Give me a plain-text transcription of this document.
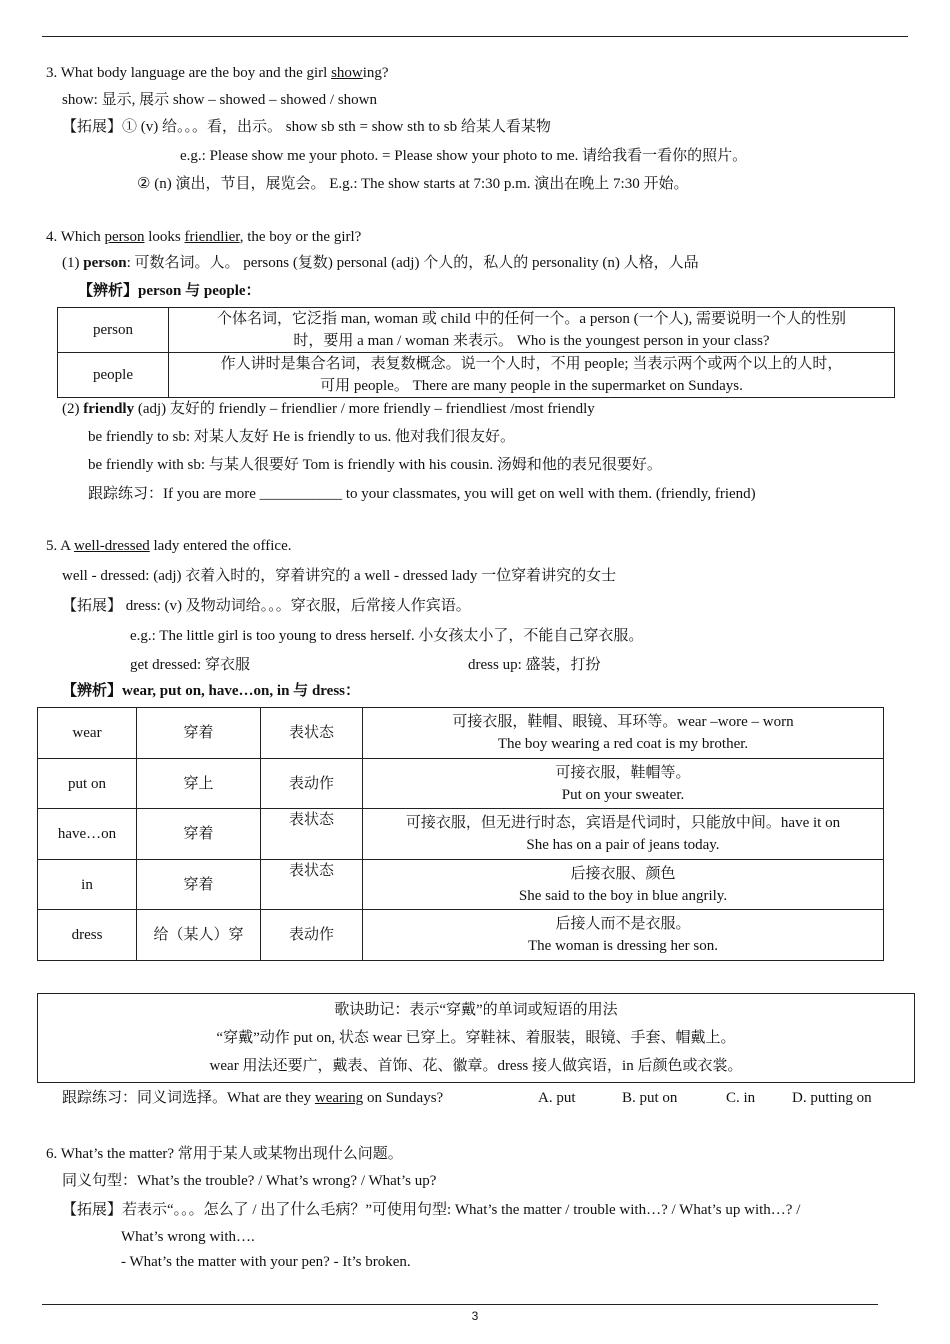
3. What body language are the boy and the girl showing?
show: 显示, 展示 show – showed – showed / shown
【拓展】① (v) 给。。。看，出示。 show sb sth = show sth to sb 给某人看某物
e.g.: Please show me your photo. = Please show your photo to me. 请给我看一看你的照片。
② (n) 演出，节目，展览会。 E.g.: The show starts at 7:30 p.m. 演出在晚上 7:30 开始。
4. Which person looks friendlier, the boy or the girl?
(1) person: 可数名词。人。 persons (复数) personal (adj) 个人的，私人的 personality (n) 人格，人品
【辨析】person 与 people：
person	个体名词，它泛指 man, woman 或 child 中的任何一个。a person (一个人), 需要说明一个人的性别
时，要用 a man / woman 来表示。 Who is the youngest person in your class?

people	作人讲时是集合名词，表复数概念。说一个人时，不用 people; 当表示两个或两个以上的人时，
可用 people。 There are many people in the supermarket on Sundays.
(2) friendly (adj) 友好的 friendly – friendlier / more friendly – friendliest /most friendly
be friendly to sb: 对某人友好 He is friendly to us. 他对我们很友好。
be friendly with sb: 与某人很要好 Tom is friendly with his cousin. 汤姆和他的表兄很要好。
跟踪练习：If you are more ___________ to your classmates, you will get on well with them. (friendly, friend)
5. A well-dressed lady entered the office.
well - dressed: (adj) 衣着入时的，穿着讲究的 a well - dressed lady 一位穿着讲究的女士
【拓展】 dress: (v) 及物动词给。。。穿衣服，后常接人作宾语。
e.g.: The little girl is too young to dress herself. 小女孩太小了，不能自己穿衣服。
get dressed: 穿衣服	dress up: 盛装，打扮
【辨析】wear, put on, have…on, in 与 dress：
wear	穿着	表状态	可接衣服，鞋帽、眼镜、耳环等。wear –wore – worn
The boy wearing a red coat is my brother.

put on	穿上	表动作	可接衣服，鞋帽等。
Put on your sweater.

have…on	穿着	表状态	可接衣服，但无进行时态，宾语是代词时，只能放中间。have it on
She has on a pair of jeans today.

in	穿着	表状态	后接衣服、颜色
She said to the boy in blue angrily.

dress	给（某人）穿	表动作	后接人而不是衣服。
The woman is dressing her son.
歌诀助记：表示“穿戴”的单词或短语的用法
“穿戴”动作 put on, 状态 wear 已穿上。穿鞋袜、着服装，眼镜、手套、帽戴上。
wear 用法还要广，戴表、首饰、花、徽章。dress 接人做宾语，in 后颜色或衣裳。
跟踪练习：同义词选择。What are they wearing on Sundays?	A. put	B. put on	C. in D. putting on
6. What’s the matter? 常用于某人或某物出现什么问题。
同义句型：What’s the trouble? / What’s wrong? / What’s up?
【拓展】若表示“。。。怎么了 / 出了什么毛病？”可使用句型: What’s the matter / trouble with…? / What’s up with…? /
What’s wrong with….
- What’s the matter with your pen? - It’s broken.
3
